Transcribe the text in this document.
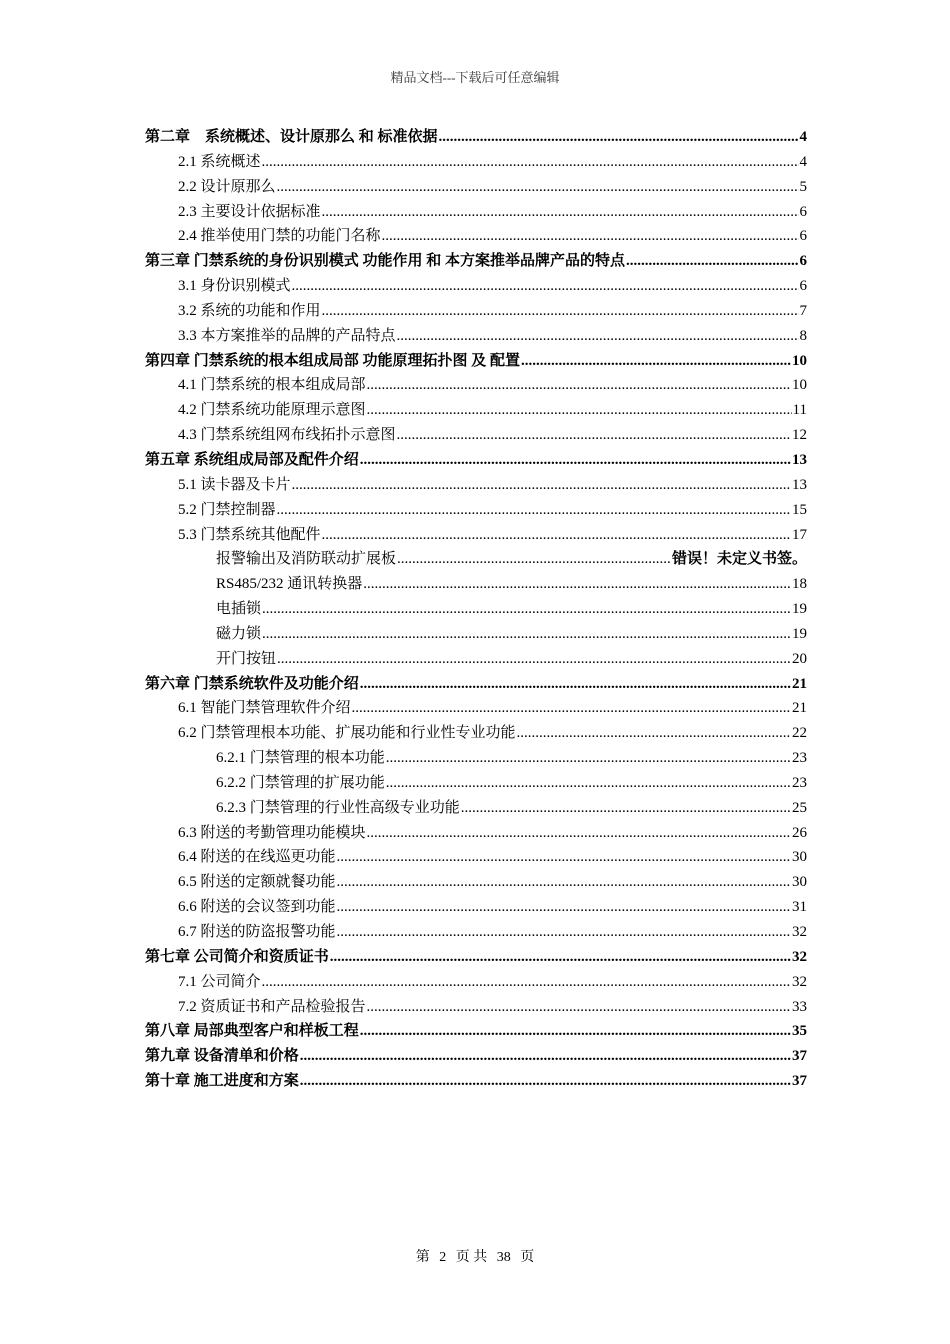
精品文档---下载后可任意编辑
第二章　系统概述、设计原那么 和 标准依据 .....	4
2.1 系统概述 .....	4
2.2 设计原那么 .....	5
2.3 主要设计依据标准 .....	6
2.4 推举使用门禁的功能门名称 .....	6
第三章 门禁系统的身份识别模式 功能作用 和 本方案推举品牌产品的特点 .....	6
3.1 身份识别模式 .....	6
3.2 系统的功能和作用 .....	7
3.3 本方案推举的品牌的产品特点 .....	8
第四章 门禁系统的根本组成局部 功能原理拓扑图 及 配置 .....	10
4.1 门禁系统的根本组成局部 .....	10
4.2 门禁系统功能原理示意图 .....	11
4.3 门禁系统组网布线拓扑示意图 .....	12
第五章 系统组成局部及配件介绍 .....	13
5.1 读卡器及卡片 .....	13
5.2 门禁控制器 .....	15
5.3 门禁系统其他配件 .....	17
报警输出及消防联动扩展板 .....	错误！未定义书签。
RS485/232 通讯转换器 .....	18
电插锁 .....	19
磁力锁 .....	19
开门按钮 .....	20
第六章 门禁系统软件及功能介绍 .....	21
6.1 智能门禁管理软件介绍 .....	21
6.2 门禁管理根本功能、扩展功能和行业性专业功能 .....	22
6.2.1 门禁管理的根本功能 .....	23
6.2.2 门禁管理的扩展功能 .....	23
6.2.3 门禁管理的行业性高级专业功能 .....	25
6.3 附送的考勤管理功能模块 .....	26
6.4 附送的在线巡更功能 .....	30
6.5 附送的定额就餐功能 .....	30
6.6 附送的会议签到功能 .....	31
6.7 附送的防盗报警功能 .....	32
第七章 公司简介和资质证书 .....	32
7.1 公司简介 .....	32
7.2 资质证书和产品检验报告 .....	33
第八章 局部典型客户和样板工程 .....	35
第九章 设备清单和价格 .....	37
第十章 施工进度和方案 .....	37
第 2 页 共 38 页
